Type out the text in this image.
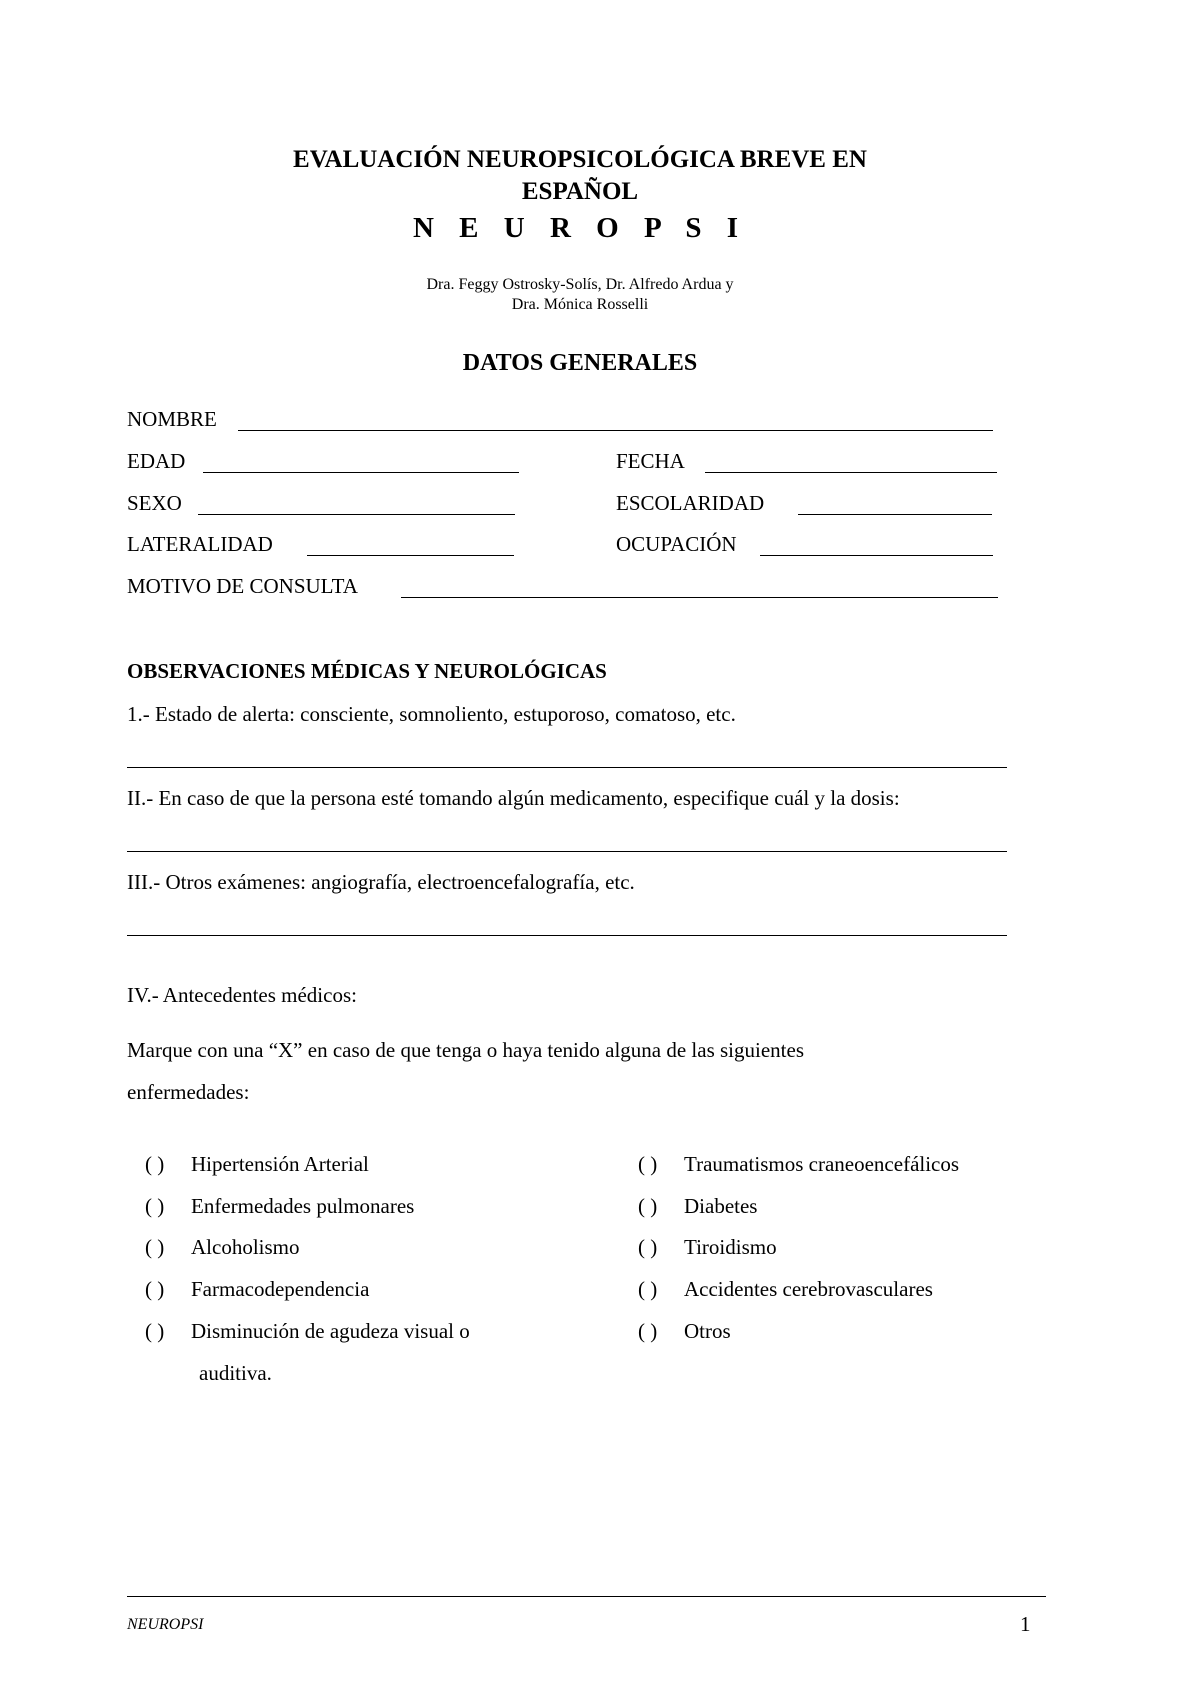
EVALUACIÓN NEUROPSICOLÓGICA BREVE EN
ESPAÑOL
N E U R O P S I
Dra. Feggy Ostrosky-Solís, Dr. Alfredo Ardua y
Dra. Mónica Rosselli
DATOS GENERALES
NOMBRE
EDAD	FECHA
SEXO	ESCOLARIDAD
LATERALIDAD	OCUPACIÓN
MOTIVO DE CONSULTA
OBSERVACIONES MÉDICAS Y NEUROLÓGICAS
1.- Estado de alerta: consciente, somnoliento, estuporoso, comatoso, etc.
II.- En caso de que la persona esté tomando algún medicamento, especifique cuál y la dosis:
III.- Otros exámenes: angiografía, electroencefalografía, etc.
IV.- Antecedentes médicos:
Marque con una “X” en caso de que tenga o haya tenido alguna de las siguientes
enfermedades:
( ) Hipertensión Arterial
( ) Enfermedades pulmonares
( ) Alcoholismo
( ) Farmacodependencia
( ) Disminución de agudeza visual o
auditiva.
( ) Traumatismos craneoencefálicos
( ) Diabetes
( ) Tiroidismo
( ) Accidentes cerebrovasculares
( ) Otros
NEUROPSI	1
